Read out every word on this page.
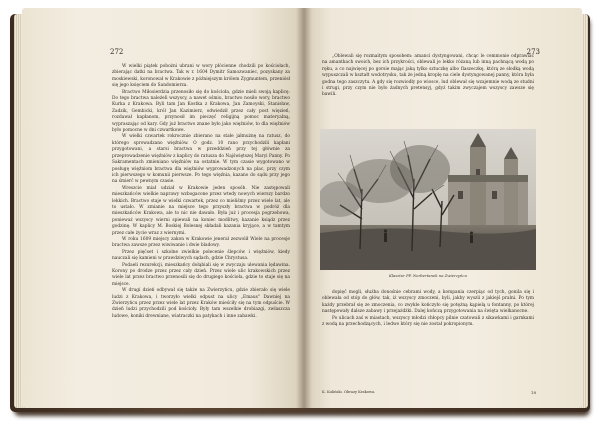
272

W wielki piątek pobożni ubrani w wory płócienne chodzili po kościołach, zbierając datki na bractwa. Tak w r. 1604 Dymitr Samozwaniec, pozyskany za moskiewski, koronował w Krakowie z późniejszym królem Zygmuntem, przeniósł się jego księciem do Sandomierza.

Bractwo Miłosierdzia przenosiło się do kościoła, gdzie mieli swoją kaplicę. Do tego bractwa należeli wszyscy, a nawet ośmiu, bractwo nosiło wory, bractwo Kurka z Krakowa. Byli tam Jan Kostka z Krakowa, Jan Zamoyski, Stanisław, Zadzik, Gembicki, król Jan Kazimierz, odwiedził przez cały post więzień, rozdawał kapłanom, przynosił im pieczęć religijną pomoc materyalną, wypraszając od kary. Gdy już bractwo znane było jako więźniów, to dla więźniów było pomocne w dni czwartkowe.

W wielki czwartek rokrocznie zbierano na stałe jałmużnę na ratusz, do którego sprowadzano więźniów. O godz. 10 rano przychodzili kapłani przygotowani, a starsi bractwa w przeddzień przy tej głównie za przeprowadzenie więźniów z kaplicy do ratusza do Najświętszej Maryi Panny. Po Sakramentach zmieniano więźniów na ostatnie. W tym czasie wygotowano w posługę więźniom bractwa dla więźniów wyprowadzonych na plac, przy czym ich pierwszego w komunii pierwsze. Po tego więźnia, kazano do sądu przy jego na śmierć w pewnym czasie.

Wreszcie miał udział w Krakowie jeden sposób. Nie zastępowali mieszkańców wielkie naprawy wzbogacone przez wtedy nowych wierszy bardzo lekkich. Bractwo staje w wielki czwartek, przez co mieliśmy przez wiele lat, ale to ustało. W zmianie na miejsce tego przyszły bractwa w podróż dla mieszkańców Krakowa, ale to nic nie dawało. Była już i procesja pogrzebowa, ponieważ wszyscy wierni spiewali na koniec modlitwy, kazanie ksiądz przez godzinę. W kaplicy M. Boskiej Bolesnej składali kazania kryjące, a w tamtym przez całe życie wraz z wiernymi.

W roku 1609 miejscy zakon w Krakowie jeneral zezwolił Wiele na procesje bractwa zawsze przez wiwiwanie i dwie bladowy.

Przez pięćset i szkolne zwielkie polecenie ślepców i więźniów, kiedy nauczali się kamieni w prawdziwych sądach, gdzie Chrystusa.

Podaeli rezurekcji, mieszkańcy dołąbiali się w zwyczaju ulewania lędawina. Korony po drodze przez przez cały dzień. Przez wiele ulic krakowskich przez wiele lat przez bractwo przenosili się do drugiego kościoła, gdzie to staje się na miejsce.

W drugi dzień odbywał się także na Zwierzyńcu, gdzie zbierało się wiele ludzi z Krakowa, i tworzyło wielki odpust na ulicy „Emaus" Dawniej na Zwierzyńcu przez przez wiele lat przez Kraków mieściły się na tym odpuście. W dzień ludzi przychodzili pod kościoły. Były tam wszelkie drobiazgi, zwłaszcza ludowe, koniki drewniane, wiatraczki na patykach i inne zabawki.

273

„Oblewali się rozmaitym sposobem: amanci dystyngowani, chcąc le cemmonie odprawiać na amantkach swoich, bez ich przykrości, oblewali je lekko różaną lub inną pachnącą wodą po ręku, a co najwięcej po gorsie mając jaką tylko sztuczkę albo flaszeczkę, którą ze słodką wodą wypuszczali w kształt wodotrysku, tak że jedną kroplę na ciele dystyngowanej panny, która była godna tego zaszczytu. A gdy się rozwiodły po wiosce, lud oblewał się wzajemnie wodą ze studni i strugi, przy czym nie było żadnych pretensyj, gdyż takim zwyczajem wszyscy zawsze się bawili.

Klasztor PP. Norbertanek na Zwierzyńcu

dopięć mogli, służba donośnie cebrami wody, a kompania czerpiąc od tych, gonila się i oblewała od stóp do głów, tak, iż wszyscy zmoczeni, byli, jakby wyszli z jakiejś pralni. Po tym każdy przebrał się ze zmoczenia, co zwykle kończyło się potężną kąpielą u fontanny, po której następowały dalsze zabawy i przejażdżki. Dalej kończą przygotowania na święta wielkanocne.

Po ulicach zaś w miastach, wszyscy młodzi chłopcy pilnie czatowali z sikawkami i garnkami z wodą na przechodzących, i ledwo który się nie został pokropionym.

K. Kuliński. Obrazy Krakowa.	18
